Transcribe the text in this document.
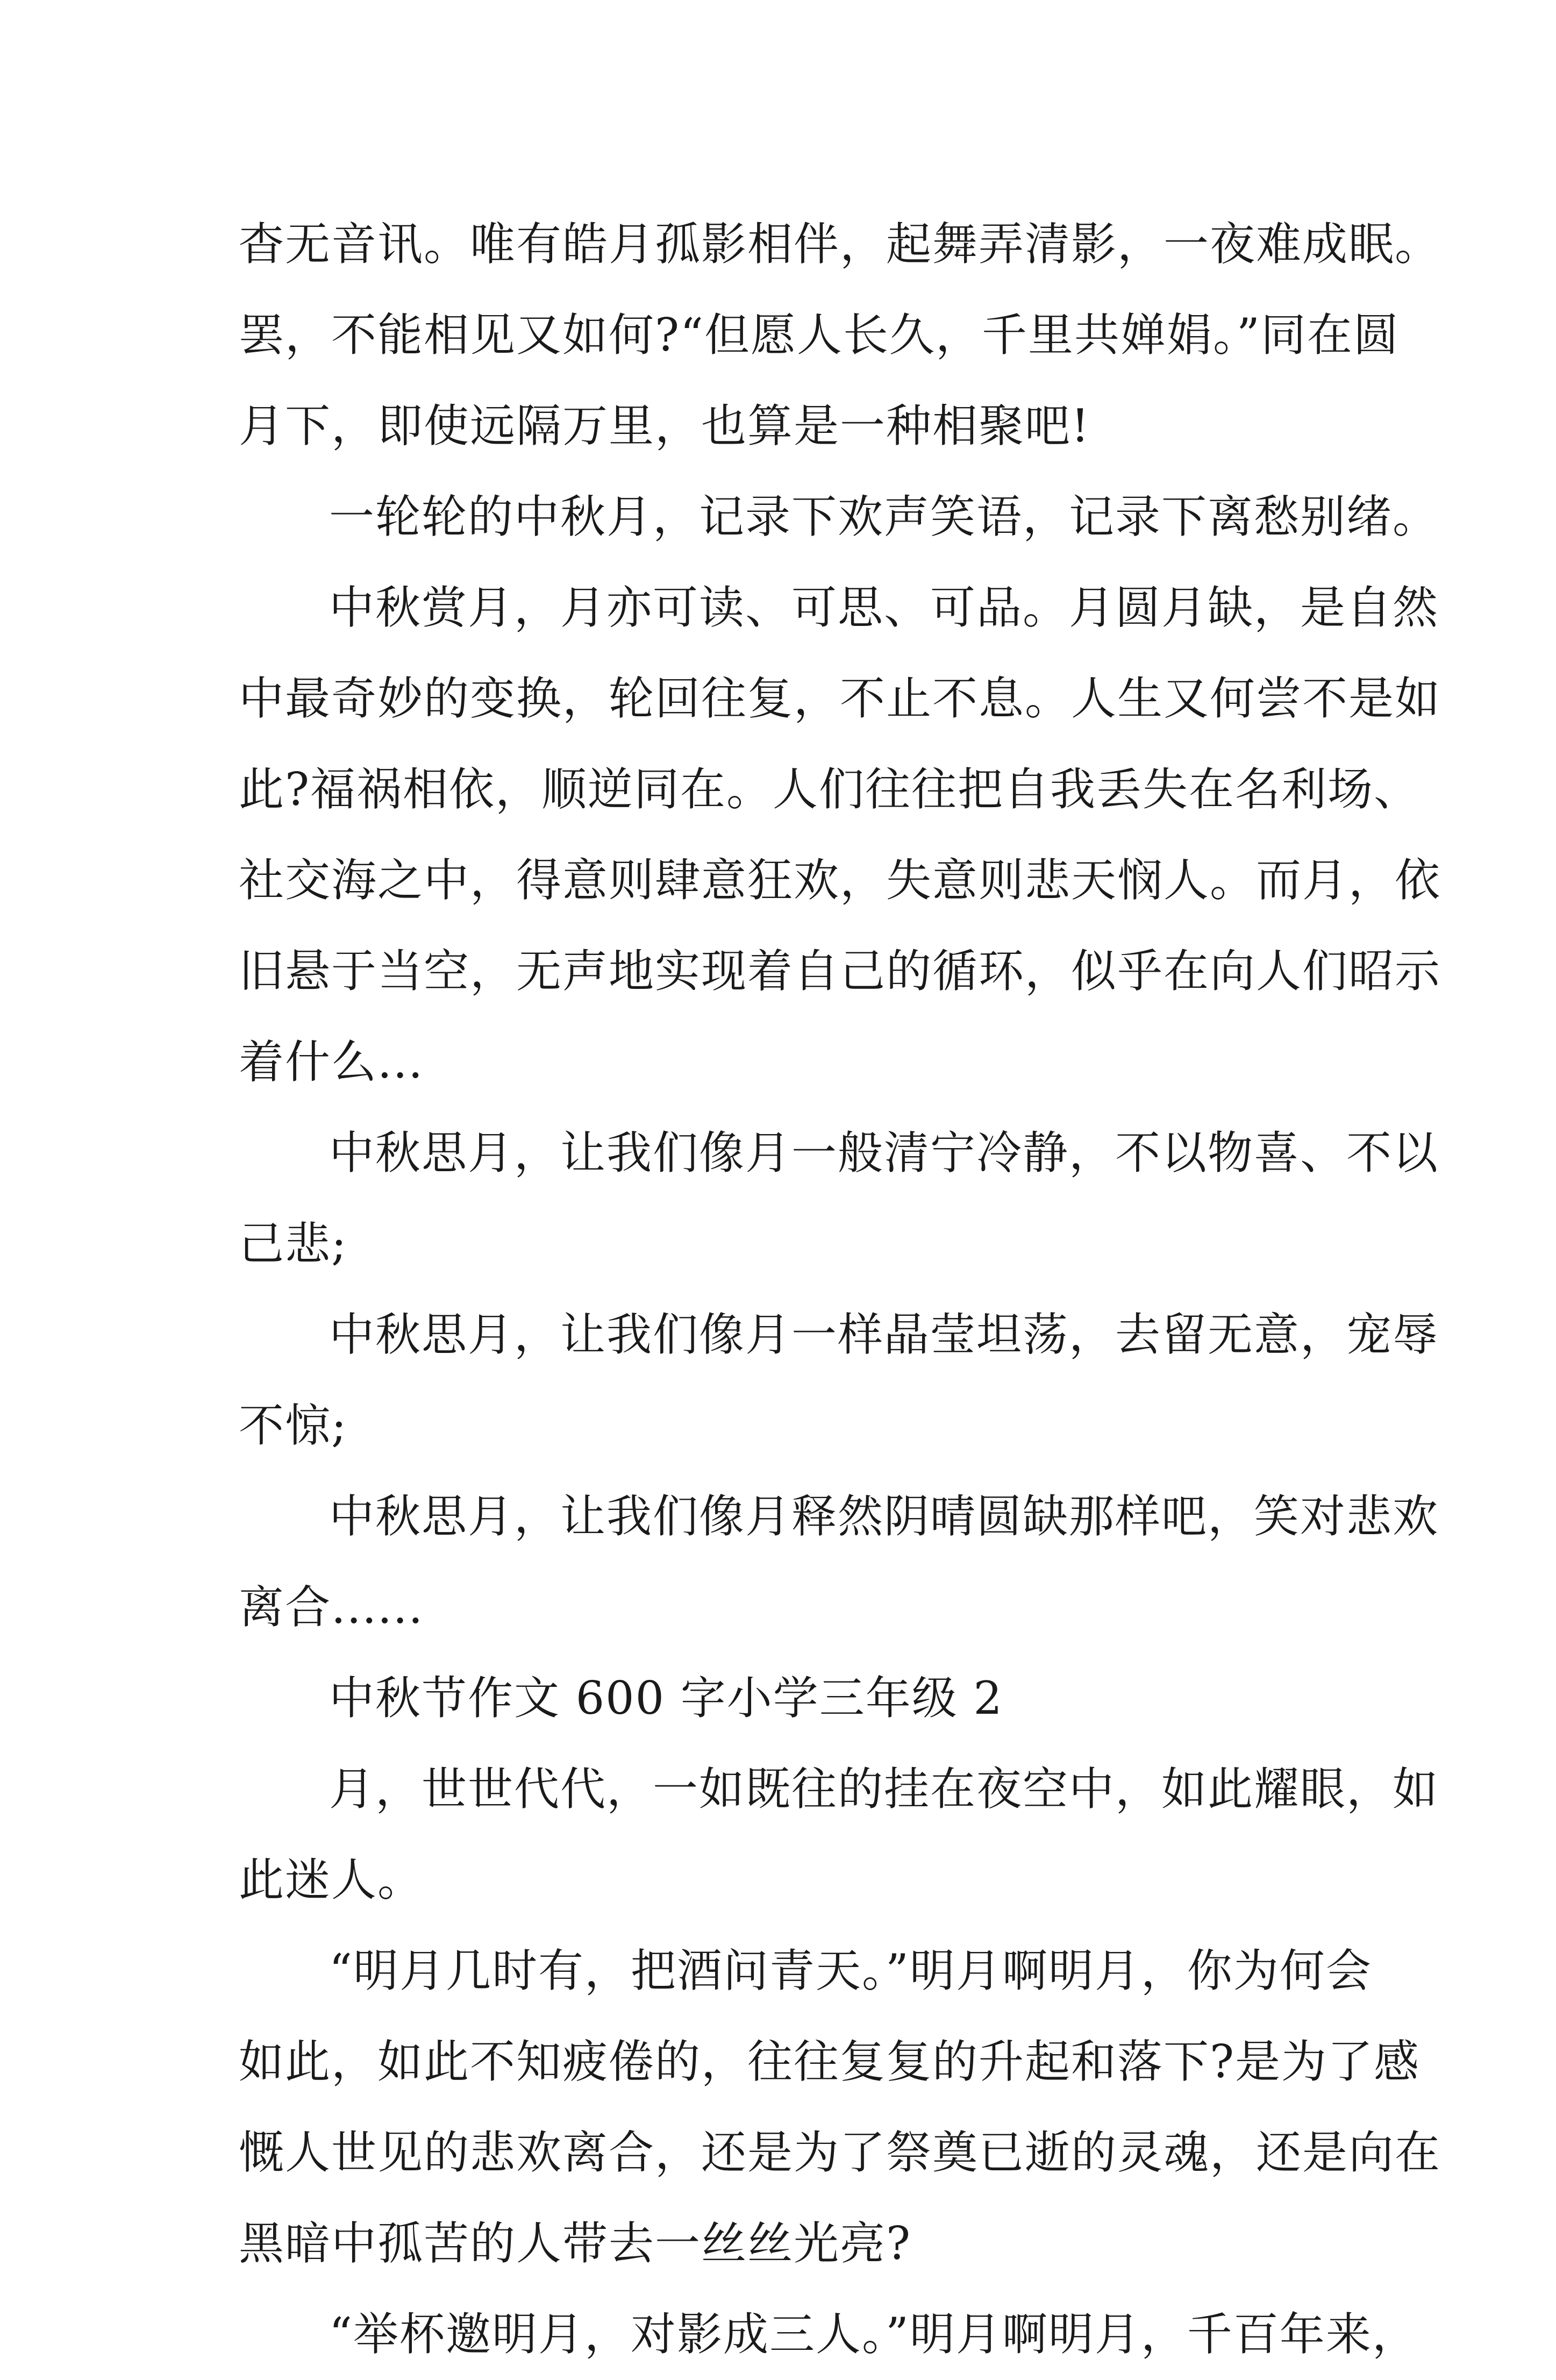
杳无音讯。唯有皓月孤影相伴，起舞弄清影，一夜难成眠。
罢，不能相见又如何?“但愿人长久，千里共婵娟。”同在圆
月下，即使远隔万里，也算是一种相聚吧!
一轮轮的中秋月，记录下欢声笑语，记录下离愁别绪。
中秋赏月，月亦可读、可思、可品。月圆月缺，是自然
中最奇妙的变换，轮回往复，不止不息。人生又何尝不是如
此?福祸相依，顺逆同在。人们往往把自我丢失在名利场、
社交海之中，得意则肆意狂欢，失意则悲天悯人。而月，依
旧悬于当空，无声地实现着自己的循环，似乎在向人们昭示
着什么...
中秋思月，让我们像月一般清宁冷静，不以物喜、不以
己悲;
中秋思月，让我们像月一样晶莹坦荡，去留无意，宠辱
不惊;
中秋思月，让我们像月释然阴晴圆缺那样吧，笑对悲欢
离合......
中秋节作文 600 字小学三年级 2
月，世世代代，一如既往的挂在夜空中，如此耀眼，如
此迷人。
“明月几时有，把酒问青天。”明月啊明月，你为何会
如此，如此不知疲倦的，往往复复的升起和落下?是为了感
慨人世见的悲欢离合，还是为了祭奠已逝的灵魂，还是向在
黑暗中孤苦的人带去一丝丝光亮?
“举杯邀明月，对影成三人。”明月啊明月，千百年来，
